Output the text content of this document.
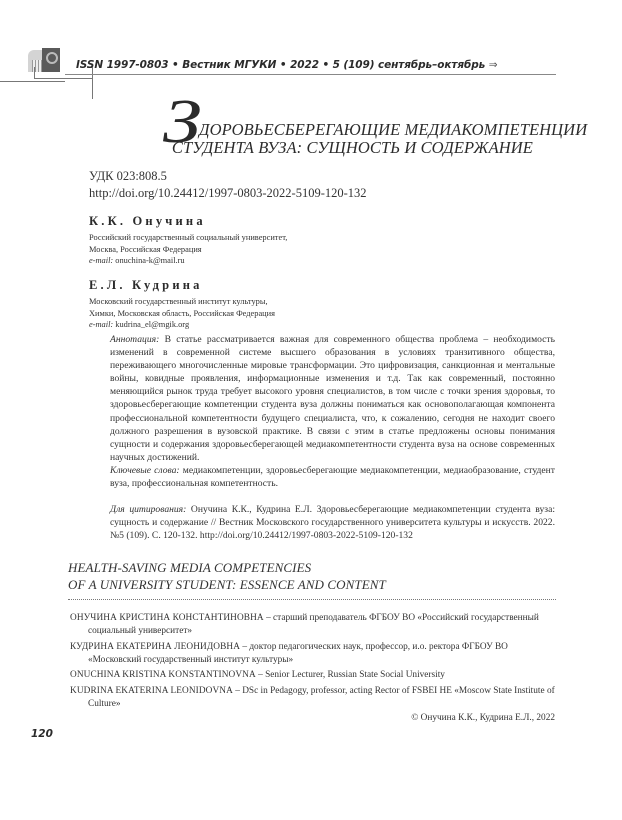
ISSN 1997-0803 • Вестник МГУКИ • 2022 • 5 (109) сентябрь–октябрь ⇒
З
ДОРОВЬЕСБЕРЕГАЮЩИЕ МЕДИАКОМПЕТЕНЦИИ
СТУДЕНТА ВУЗА: СУЩНОСТЬ И СОДЕРЖАНИЕ
УДК 023:808.5
http://doi.org/10.24412/1997-0803-2022-5109-120-132
К.К. Онучина
Российский государственный социальный университет,
Москва, Российская Федерация
e-mail: onuchina-k@mail.ru
Е.Л. Кудрина
Московский государственный институт культуры,
Химки, Московская область, Российская Федерация
e-mail: kudrina_el@mgik.org
Аннотация: В статье рассматривается важная для современного общества проблема – необходимость изменений в современной системе высшего образования в условиях транзитивного общества, переживающего многочисленные мировые трансформации. Это цифровизация, санкционная и ментальные войны, ковидные проявления, информационные изменения и т.д. Так как современный, постоянно меняющийся рынок труда требует высокого уровня специалистов, в том числе с точки зрения здоровья, то здоровьесберегающие компетенции студента вуза должны пониматься как основополагающая компонента профессиональной компетентности будущего специалиста, что, к сожалению, сегодня не находит своего должного разрешения в вузовской практике. В связи с этим в статье предложены основы понимания сущности и содержания здоровьесберегающей медиакомпетентности студента вуза на основе современных научных достижений.
Ключевые слова: медиакомпетенции, здоровьесберегающие медиакомпетенции, медиаобразование, студент вуза, профессиональная компетентность.
Для цитирования: Онучина К.К., Кудрина Е.Л. Здоровьесберегающие медиакомпетенции студента вуза: сущность и содержание // Вестник Московского государственного университета культуры и искусств. 2022. №5 (109). С. 120-132. http://doi.org/10.24412/1997-0803-2022-5109-120-132
HEALTH-SAVING MEDIA COMPETENCIES
OF A UNIVERSITY STUDENT: ESSENCE AND CONTENT
ОНУЧИНА КРИСТИНА КОНСТАНТИНОВНА – старший преподаватель ФГБОУ ВО «Российский государственный социальный университет»
КУДРИНА ЕКАТЕРИНА ЛЕОНИДОВНА – доктор педагогических наук, профессор, и.о. ректора ФГБОУ ВО «Московский государственный институт культуры»
ONUCHINA KRISTINA KONSTANTINOVNA – Senior Lecturer, Russian State Social University
KUDRINA EKATERINA LEONIDOVNA – DSc in Pedagogy, professor, acting Rector of FSBEI HE «Moscow State Institute of Culture»
© Онучина К.К., Кудрина Е.Л., 2022
120
